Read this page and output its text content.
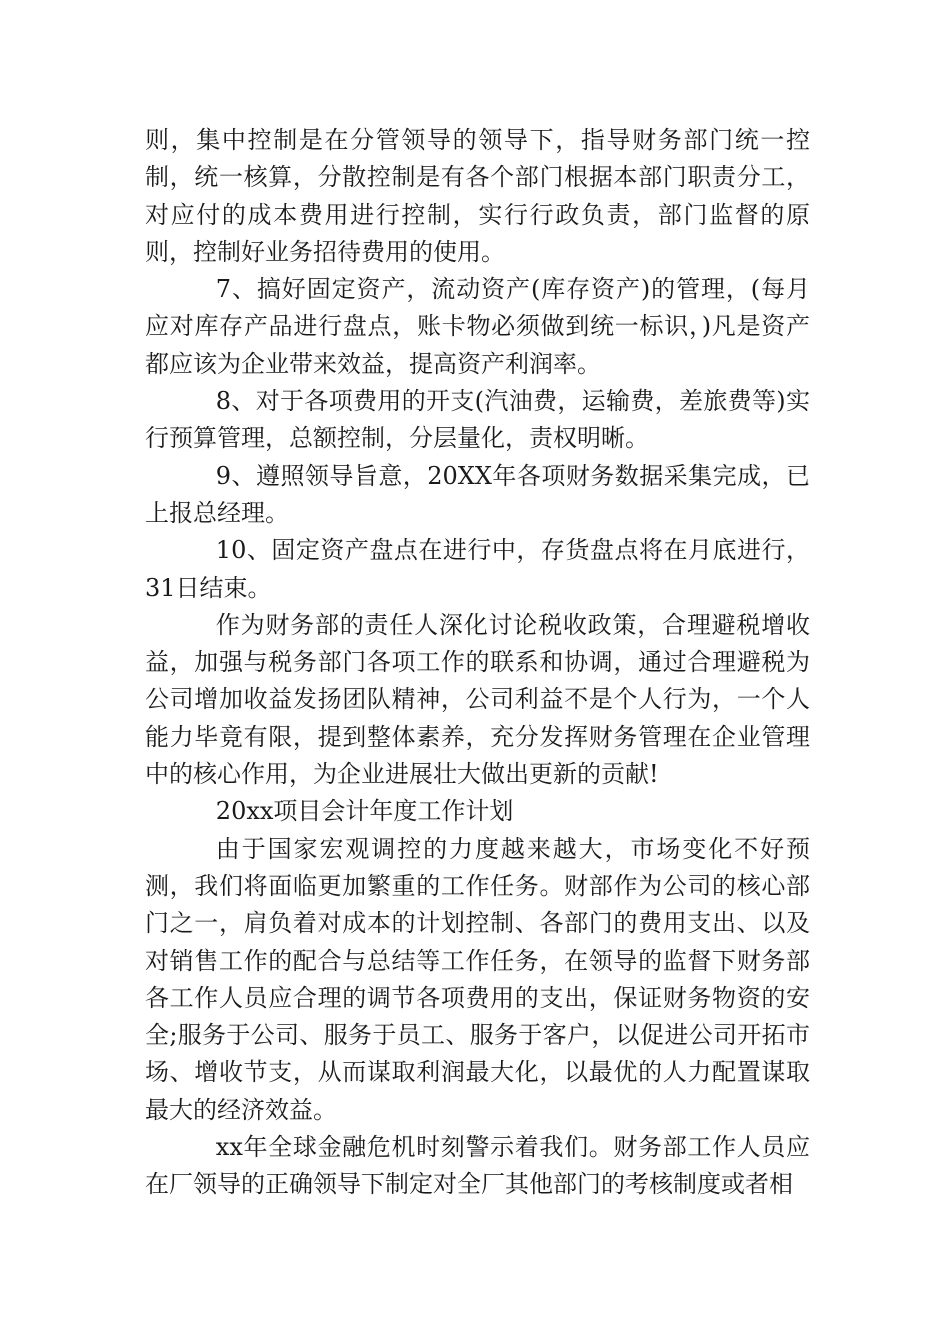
则，集中控制是在分管领导的领导下，指导财务部门统一控制，统一核算，分散控制是有各个部门根据本部门职责分工，对应付的成本费用进行控制，实行行政负责，部门监督的原则，控制好业务招待费用的使用。

7、搞好固定资产，流动资产(库存资产)的管理，(每月应对库存产品进行盘点，账卡物必须做到统一标识，)凡是资产都应该为企业带来效益，提高资产利润率。

8、对于各项费用的开支(汽油费，运输费，差旅费等)实行预算管理，总额控制，分层量化，责权明晰。

9、遵照领导旨意，20XX年各项财务数据采集完成，已上报总经理。

10、固定资产盘点在进行中，存货盘点将在月底进行，31日结束。

作为财务部的责任人深化讨论税收政策，合理避税增收益，加强与税务部门各项工作的联系和协调，通过合理避税为公司增加收益发扬团队精神，公司利益不是个人行为，一个人能力毕竟有限，提到整体素养，充分发挥财务管理在企业管理中的核心作用，为企业进展壮大做出更新的贡献!

20xx项目会计年度工作计划

由于国家宏观调控的力度越来越大，市场变化不好预测，我们将面临更加繁重的工作任务。财部作为公司的核心部门之一，肩负着对成本的计划控制、各部门的费用支出、以及对销售工作的配合与总结等工作任务，在领导的监督下财务部各工作人员应合理的调节各项费用的支出，保证财务物资的安全;服务于公司、服务于员工、服务于客户，以促进公司开拓市场、增收节支，从而谋取利润最大化，以最优的人力配置谋取最大的经济效益。

xx年全球金融危机时刻警示着我们。财务部工作人员应在厂领导的正确领导下制定对全厂其他部门的考核制度或者相
